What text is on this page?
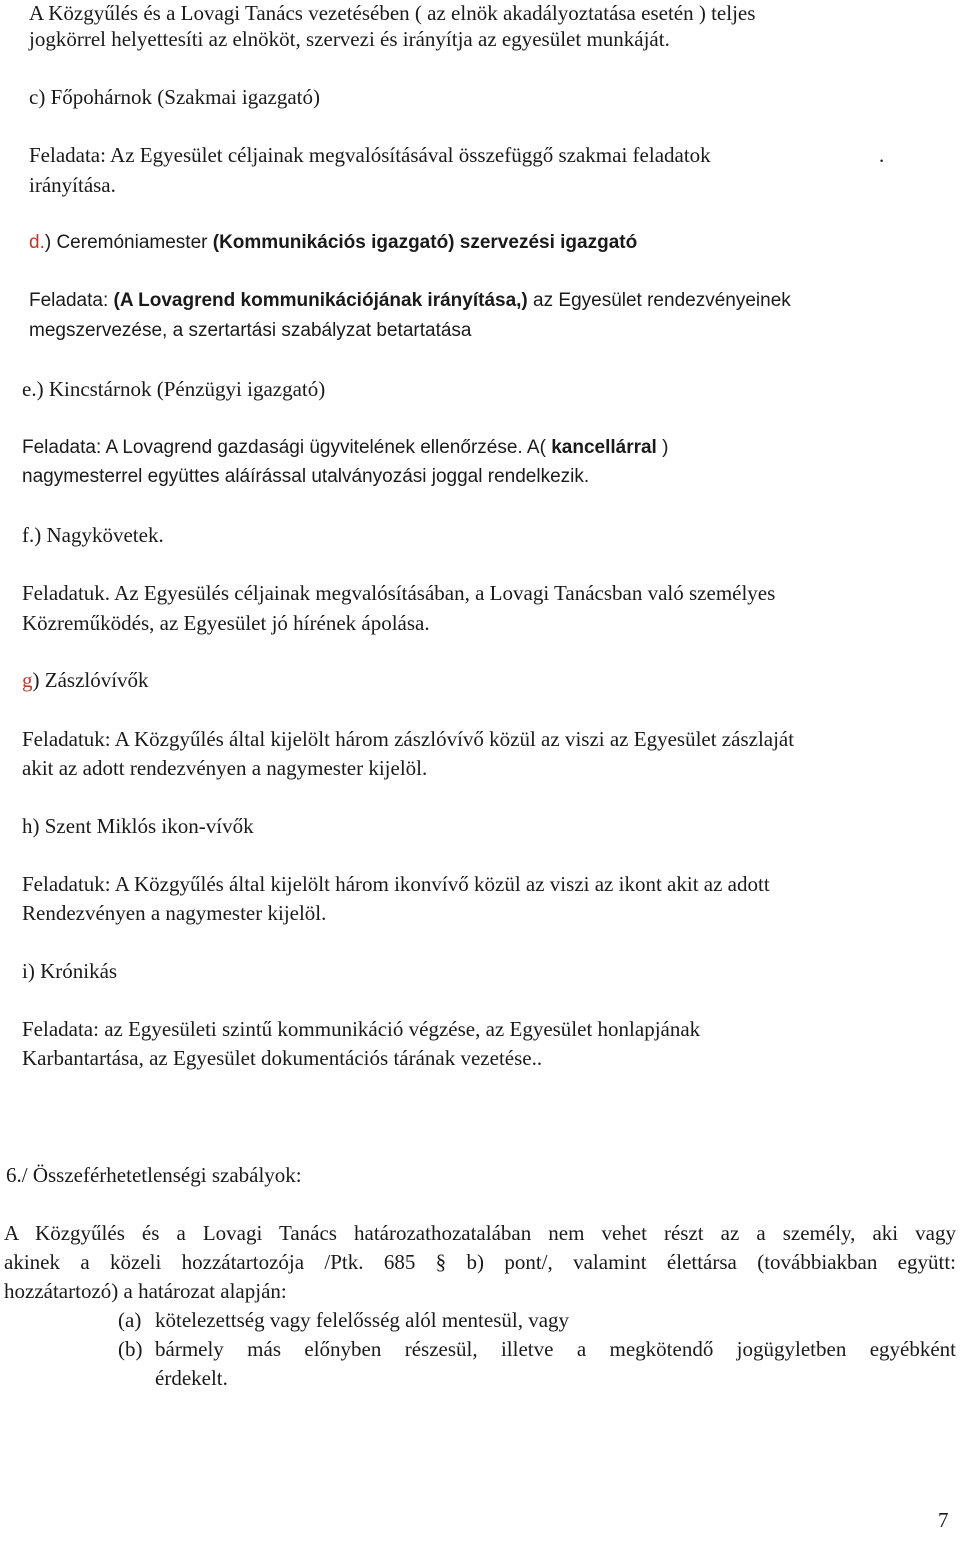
A Közgyűlés és a Lovagi Tanács vezetésében ( az elnök akadályoztatása esetén ) teljes
jogkörrel helyettesíti az elnököt, szervezi és irányítja az egyesület munkáját.
c) Főpohárnok (Szakmai igazgató)
Feladata: Az Egyesület céljainak megvalósításával összefüggő szakmai feladatok	.
irányítása.
d.) Ceremóniamester (Kommunikációs igazgató) szervezési igazgató
Feladata: (A Lovagrend kommunikációjának irányítása,) az Egyesület rendezvényeinek
megszervezése, a szertartási szabályzat betartatása
e.) Kincstárnok (Pénzügyi igazgató)
Feladata: A Lovagrend gazdasági ügyvitelének ellenőrzése. A( kancellárral )
nagymesterrel együttes aláírással utalványozási joggal rendelkezik.
f.) Nagykövetek.
Feladatuk. Az Egyesülés céljainak megvalósításában, a Lovagi Tanácsban való személyes
Közreműködés, az Egyesület jó hírének ápolása.
g) Zászlóvívők
Feladatuk: A Közgyűlés által kijelölt három zászlóvívő közül az viszi az Egyesület zászlaját
akit az adott rendezvényen a nagymester kijelöl.
h) Szent Miklós ikon-vívők
Feladatuk: A Közgyűlés által kijelölt három ikonvívő közül az viszi az ikont akit az adott
Rendezvényen a nagymester kijelöl.
i) Krónikás
Feladata: az Egyesületi szintű kommunikáció végzése, az Egyesület honlapjának
Karbantartása, az Egyesület dokumentációs tárának vezetése..
6./ Összeférhetetlenségi szabályok:
A Közgyűlés és a Lovagi Tanács határozathozatalában nem vehet részt az a személy, aki vagy
akinek a közeli hozzátartozója /Ptk. 685 § b) pont/, valamint élettársa (továbbiakban együtt:
hozzátartozó) a határozat alapján:
(a) kötelezettség vagy felelősség alól mentesül, vagy
(b) bármely más előnyben részesül, illetve a megkötendő jogügyletben egyébként
érdekelt.
7
